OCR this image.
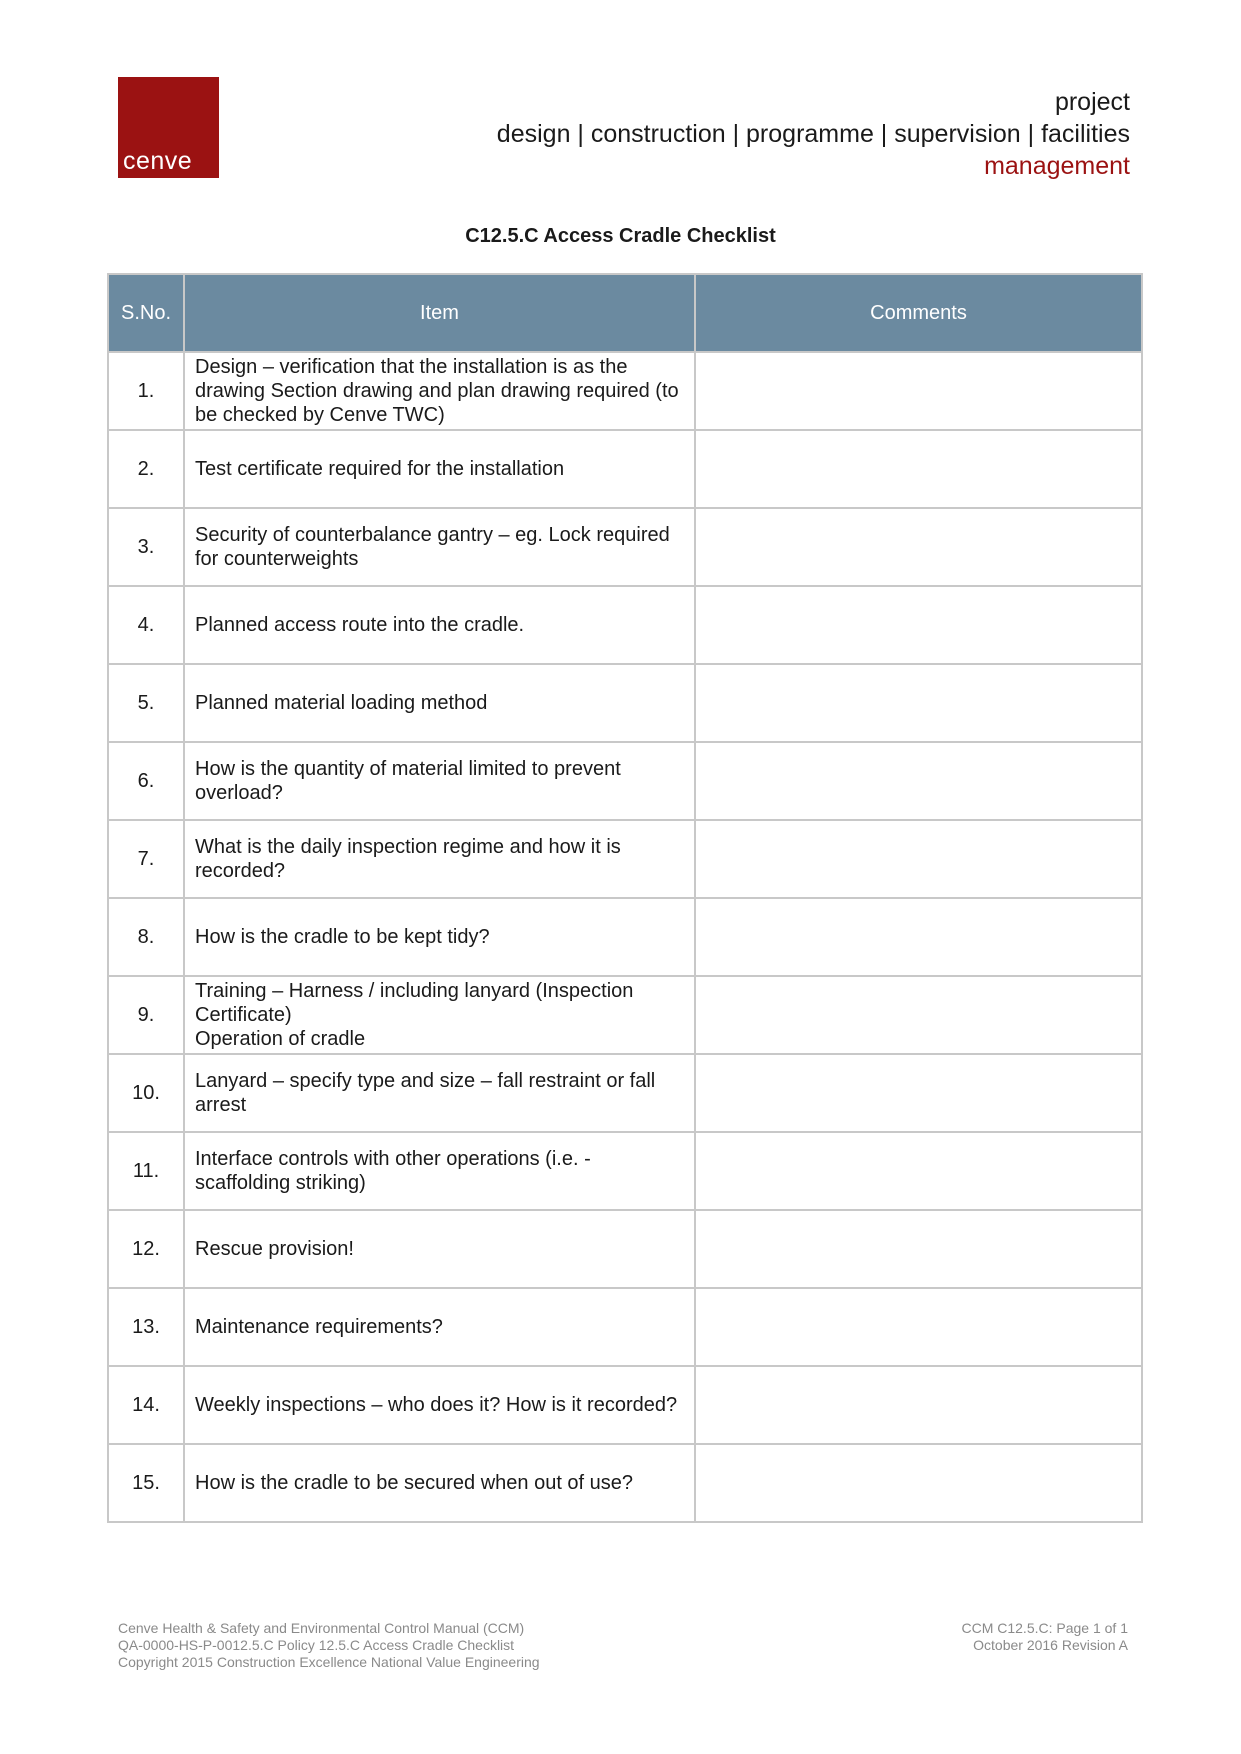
cenve
project
design | construction | programme | supervision | facilities
management
C12.5.C Access Cradle Checklist
S.No.	Item	Comments
1.	Design – verification that the installation is as the drawing Section drawing and plan drawing required (to be checked by Cenve TWC)	

2.	Test certificate required for the installation	

3.	Security of counterbalance gantry – eg. Lock required for counterweights	

4.	Planned access route into the cradle.	

5.	Planned material loading method	

6.	How is the quantity of material limited to prevent overload?	

7.	What is the daily inspection regime and how it is recorded?	

8.	How is the cradle to be kept tidy?	

9.	Training – Harness / including lanyard (Inspection Certificate)
Operation of cradle	

10.	Lanyard – specify type and size – fall restraint or fall arrest	

11.	Interface controls with other operations (i.e. - scaffolding striking)	

12.	Rescue provision!	

13.	Maintenance requirements?	

14.	Weekly inspections – who does it? How is it recorded?	

15.	How is the cradle to be secured when out of use?	

Cenve Health & Safety and Environmental Control Manual (CCM)
QA-0000-HS-P-0012.5.C Policy 12.5.C Access Cradle Checklist
Copyright 2015 Construction Excellence National Value Engineering
CCM C12.5.C: Page 1 of 1
October 2016 Revision A
